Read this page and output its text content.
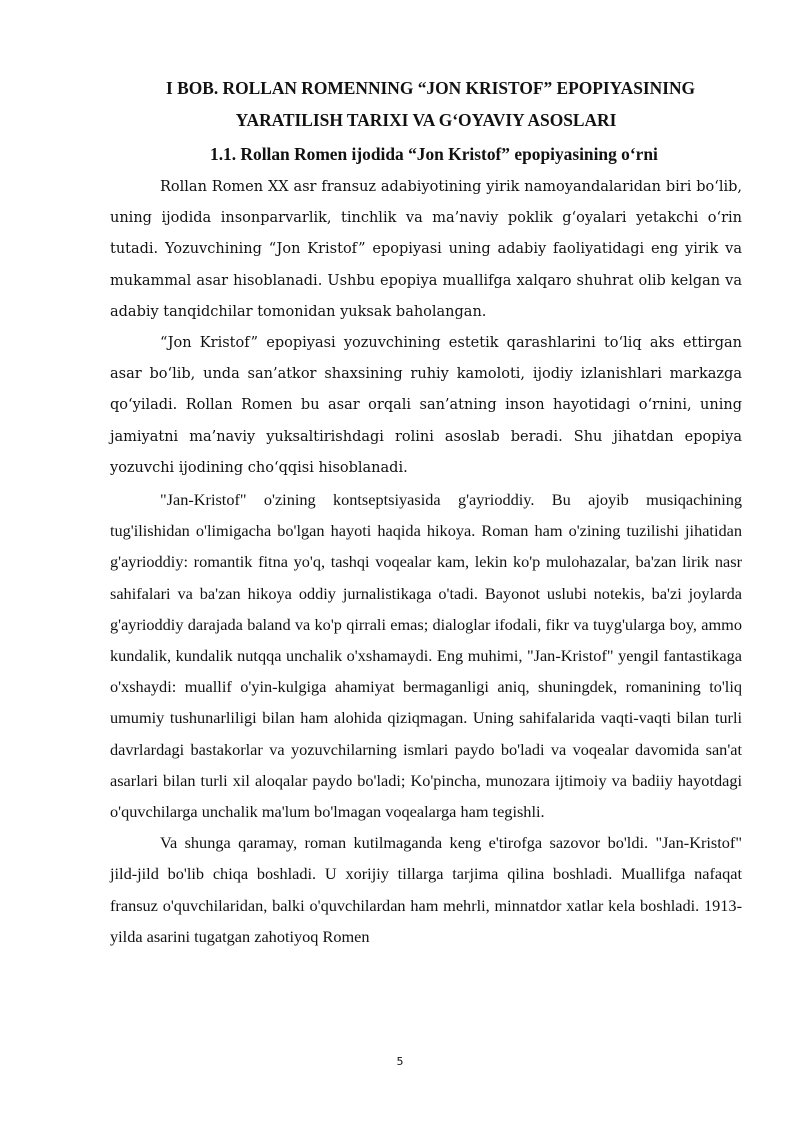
I BOB. ROLLAN ROMENNING “JON KRISTOF” EPOPIYASINING
YARATILISH TARIXI VA G‘OYAVIY ASOSLARI
1.1. Rollan Romen ijodida “Jon Kristof” epopiyasining o‘rni

Rollan Romen XX asr fransuz adabiyotining yirik namoyandalaridan biri bo‘lib, uning ijodida insonparvarlik, tinchlik va ma’naviy poklik g‘oyalari yetakchi o‘rin tutadi. Yozuvchining “Jon Kristof” epopiyasi uning adabiy faoliyatidagi eng yirik va mukammal asar hisoblanadi. Ushbu epopiya muallifga xalqaro shuhrat olib kelgan va adabiy tanqidchilar tomonidan yuksak baholangan.

“Jon Kristof” epopiyasi yozuvchining estetik qarashlarini to‘liq aks ettirgan asar bo‘lib, unda san’atkor shaxsining ruhiy kamoloti, ijodiy izlanishlari markazga qo‘yiladi. Rollan Romen bu asar orqali san’atning inson hayotidagi o‘rnini, uning jamiyatni ma’naviy yuksaltirishdagi rolini asoslab beradi. Shu jihatdan epopiya yozuvchi ijodining cho‘qqisi hisoblanadi.

"Jan-Kristof" o'zining kontseptsiyasida g'ayrioddiy. Bu ajoyib musiqachining tug'ilishidan o'limigacha bo'lgan hayoti haqida hikoya. Roman ham o'zining tuzilishi jihatidan g'ayrioddiy: romantik fitna yo'q, tashqi voqealar kam, lekin ko'p mulohazalar, ba'zan lirik nasr sahifalari va ba'zan hikoya oddiy jurnalistikaga o'tadi. Bayonot uslubi notekis, ba'zi joylarda g'ayrioddiy darajada baland va ko'p qirrali emas; dialoglar ifodali, fikr va tuyg'ularga boy, ammo kundalik, kundalik nutqqa unchalik o'xshamaydi. Eng muhimi, "Jan-Kristof" yengil fantastikaga o'xshaydi: muallif o'yin-kulgiga ahamiyat bermaganligi aniq, shuningdek, romanining to'liq umumiy tushunarliligi bilan ham alohida qiziqmagan. Uning sahifalarida vaqti-vaqti bilan turli davrlardagi bastakorlar va yozuvchilarning ismlari paydo bo'ladi va voqealar davomida san'at asarlari bilan turli xil aloqalar paydo bo'ladi; Ko'pincha, munozara ijtimoiy va badiiy hayotdagi o'quvchilarga unchalik ma'lum bo'lmagan voqealarga ham tegishli.

Va shunga qaramay, roman kutilmaganda keng e'tirofga sazovor bo'ldi. "Jan-Kristof" jild-jild bo'lib chiqa boshladi. U xorijiy tillarga tarjima qilina boshladi. Muallifga nafaqat fransuz o'quvchilaridan, balki o'quvchilardan ham mehrli, minnatdor xatlar kela boshladi. 1913-yilda asarini tugatgan zahotiyoq Romen

5
